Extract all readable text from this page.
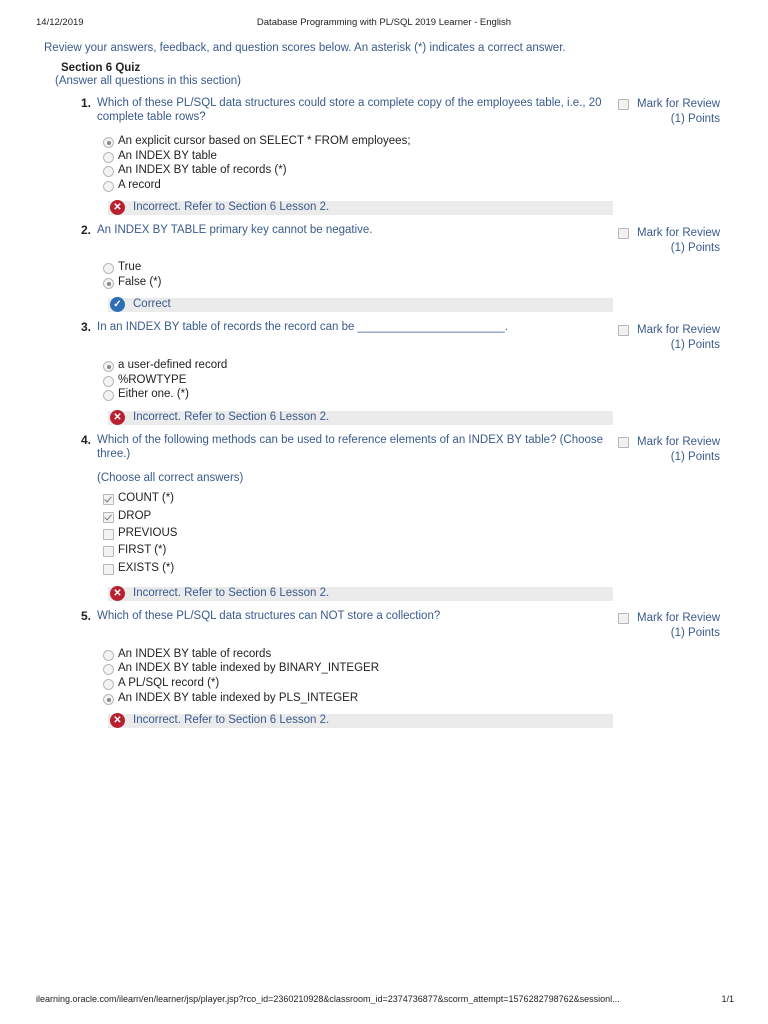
14/12/2019	Database Programming with PL/SQL 2019 Learner - English
Review your answers, feedback, and question scores below. An asterisk (*) indicates a correct answer.
Section 6 Quiz
(Answer all questions in this section)
1. Which of these PL/SQL data structures could store a complete copy of the employees table, i.e., 20 complete table rows?
Mark for Review
(1) Points
An explicit cursor based on SELECT * FROM employees;
An INDEX BY table
An INDEX BY table of records (*)
A record
✕ Incorrect. Refer to Section 6 Lesson 2.
2. An INDEX BY TABLE primary key cannot be negative.	Mark for Review
(1) Points
True
False (*)
✓ Correct
3. In an INDEX BY table of records the record can be _______________________.	Mark for Review
(1) Points
a user-defined record
%ROWTYPE
Either one. (*)
✕ Incorrect. Refer to Section 6 Lesson 2.
4. Which of the following methods can be used to reference elements of an INDEX BY table? (Choose three.)
Mark for Review
(1) Points
(Choose all correct answers)
COUNT (*)
DROP
PREVIOUS
FIRST (*)
EXISTS (*)
✕ Incorrect. Refer to Section 6 Lesson 2.
5. Which of these PL/SQL data structures can NOT store a collection?	Mark for Review
(1) Points
An INDEX BY table of records
An INDEX BY table indexed by BINARY_INTEGER
A PL/SQL record (*)
An INDEX BY table indexed by PLS_INTEGER
✕ Incorrect. Refer to Section 6 Lesson 2.
ilearning.oracle.com/ilearn/en/learner/jsp/player.jsp?rco_id=2360210928&classroom_id=2374736877&scorm_attempt=1576282798762&sessionl...	1/1
